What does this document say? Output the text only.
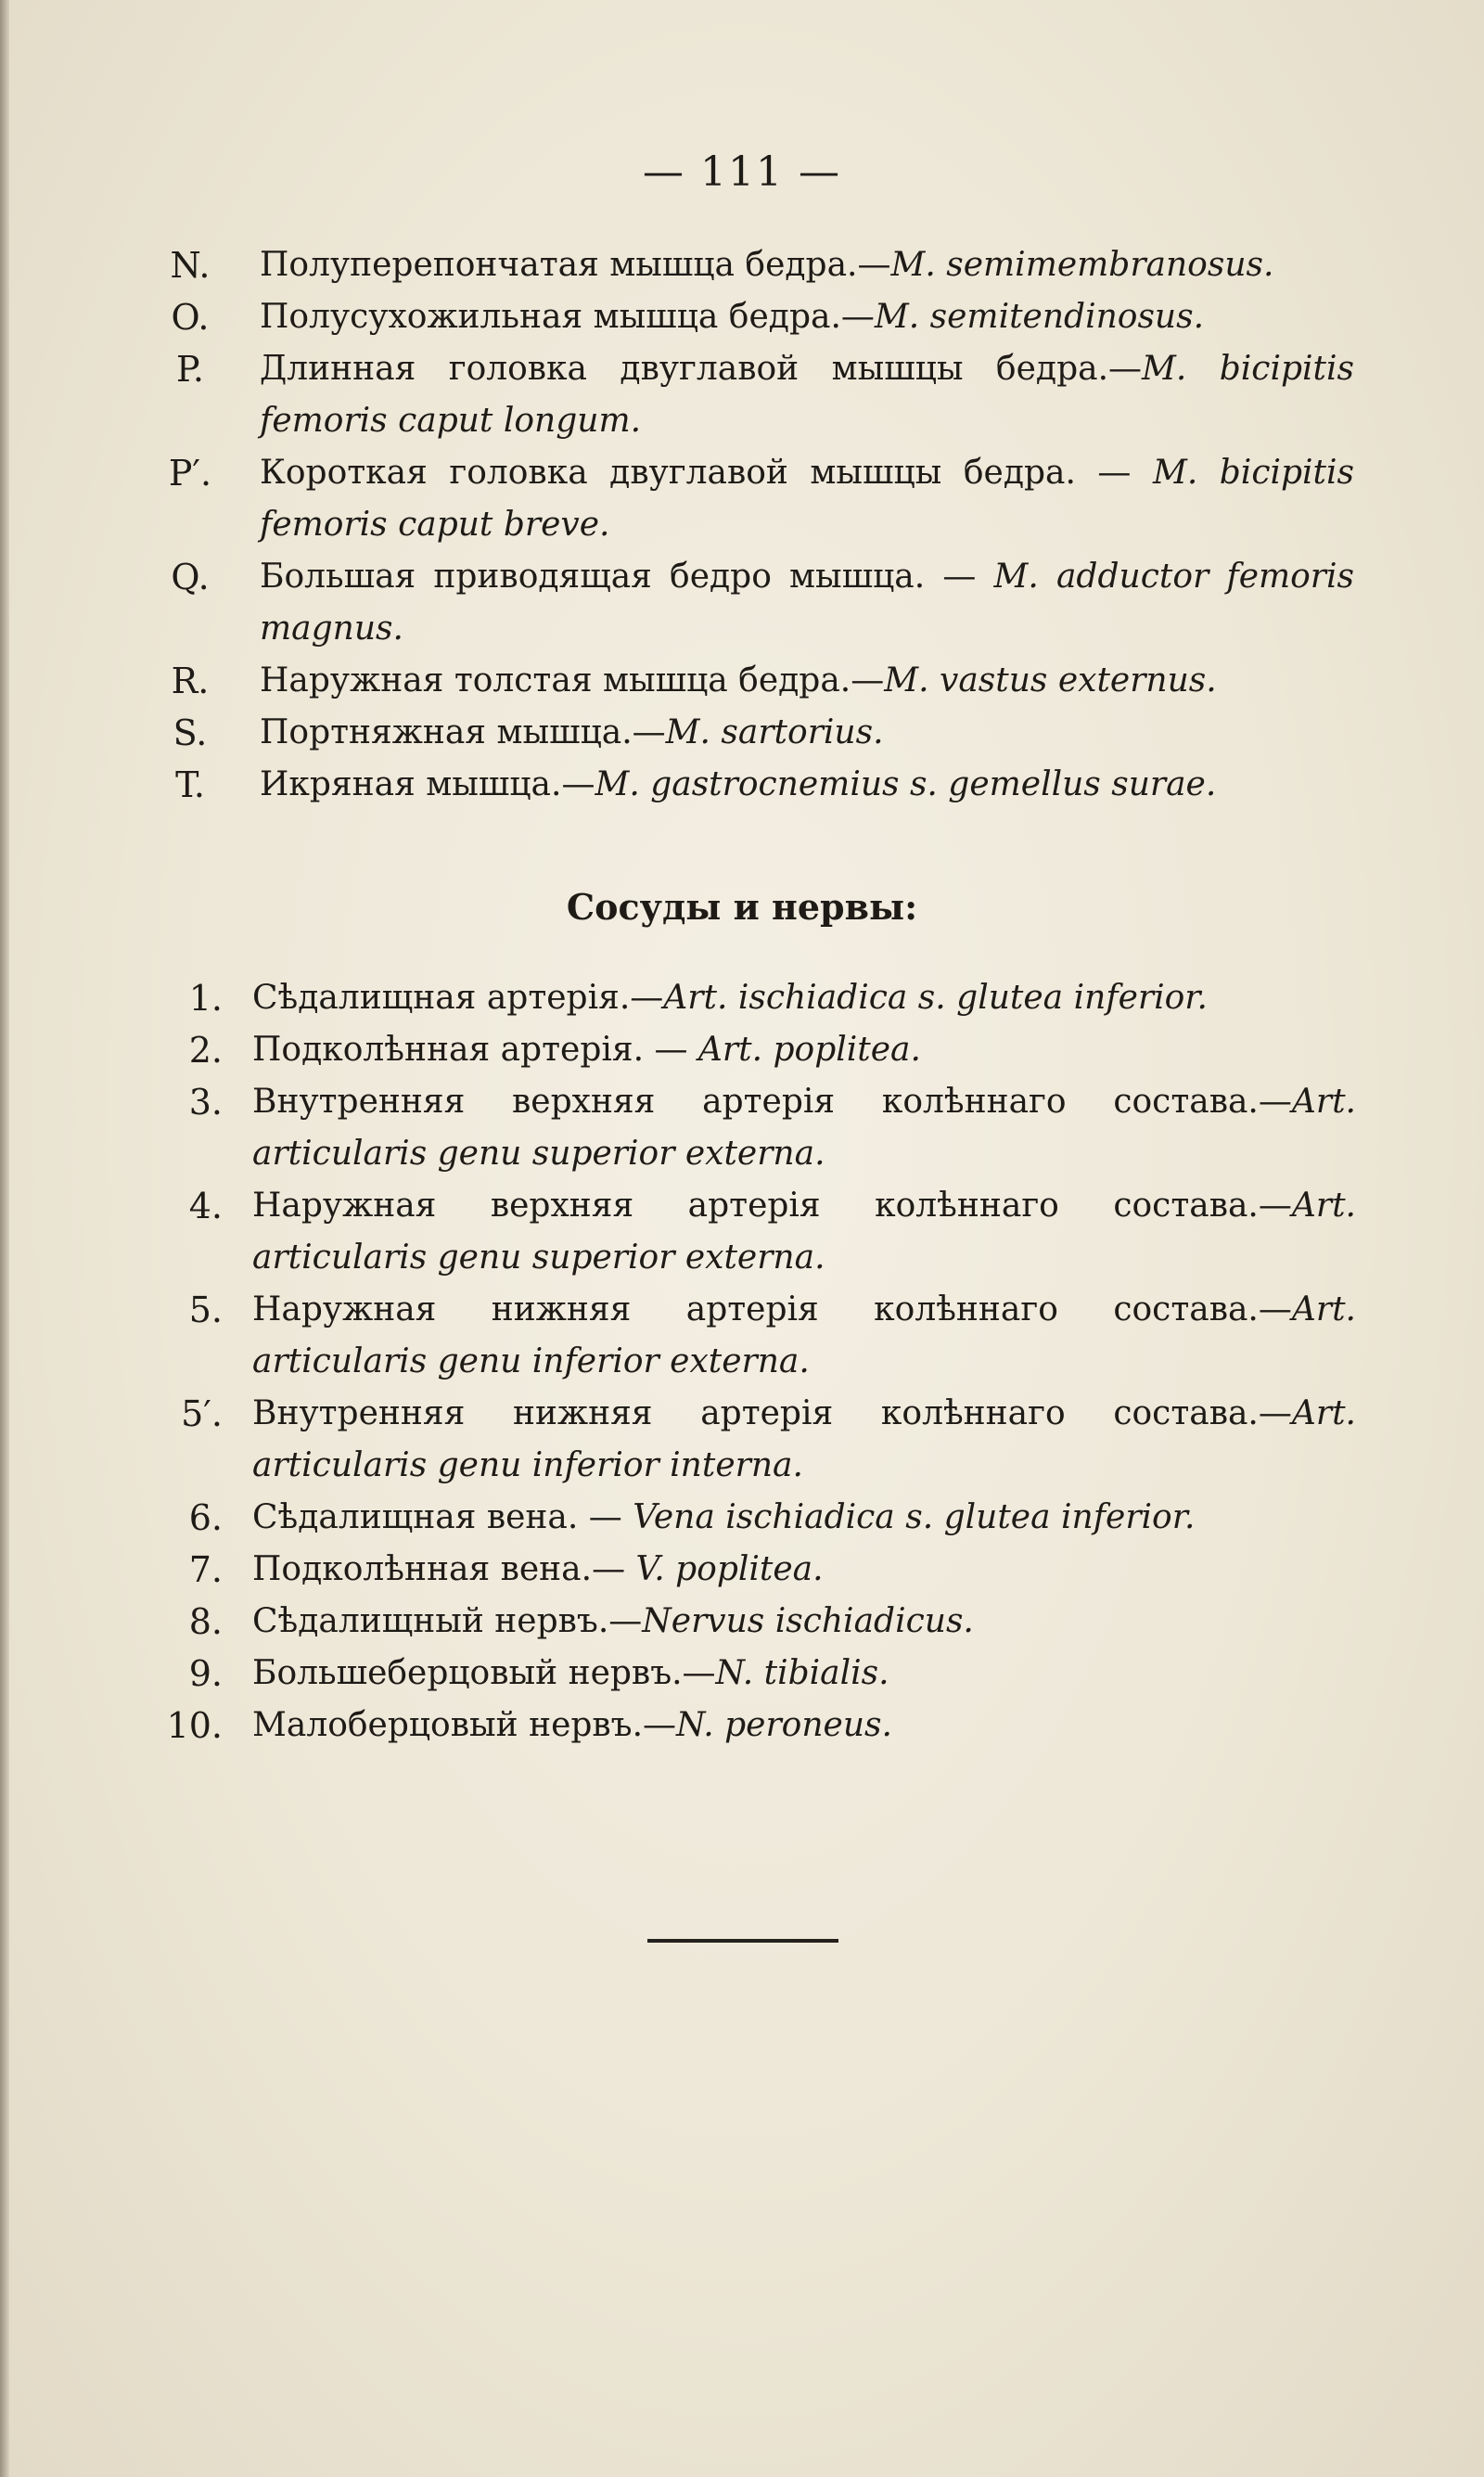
— 111 —
N.	Полуперепончатая мышца бедра.—M. semimembranosus.
O.	Полусухожильная мышца бедра.—M. semitendinosus.
P.	Длинная головка двуглавой мышцы бедра.—M. bicipitis femoris caput longum.
P′.	Короткая головка двуглавой мышцы бедра. — M. bicipitis femoris caput breve.
Q.	Большая приводящая бедро мышца. — M. adductor femoris magnus.
R.	Наружная толстая мышца бедра.—M. vastus externus.
S.	Портняжная мышца.—M. sartorius.
T.	Икряная мышца.—M. gastrocnemius s. gemellus surae.
Сосуды и нервы:
1. Сѣдалищная артерія.—Art. ischiadica s. glutea inferior.
2. Подколѣнная артерія. — Art. poplitea.
3. Внутренняя верхняя артерія колѣннаго состава.—Art. articularis genu superior externa.
4. Наружная верхняя артерія колѣннаго состава.—Art. articularis genu superior externa.
5. Наружная нижняя артерія колѣннаго состава.—Art. articularis genu inferior externa.
5′. Внутренняя нижняя артерія колѣннаго состава.—Art. articularis genu inferior interna.
6. Сѣдалищная вена. — Vena ischiadica s. glutea inferior.
7. Подколѣнная вена.— V. poplitea.
8. Сѣдалищный нервъ.—Nervus ischiadicus.
9. Большеберцовый нервъ.—N. tibialis.
10. Малоберцовый нервъ.—N. peroneus.
